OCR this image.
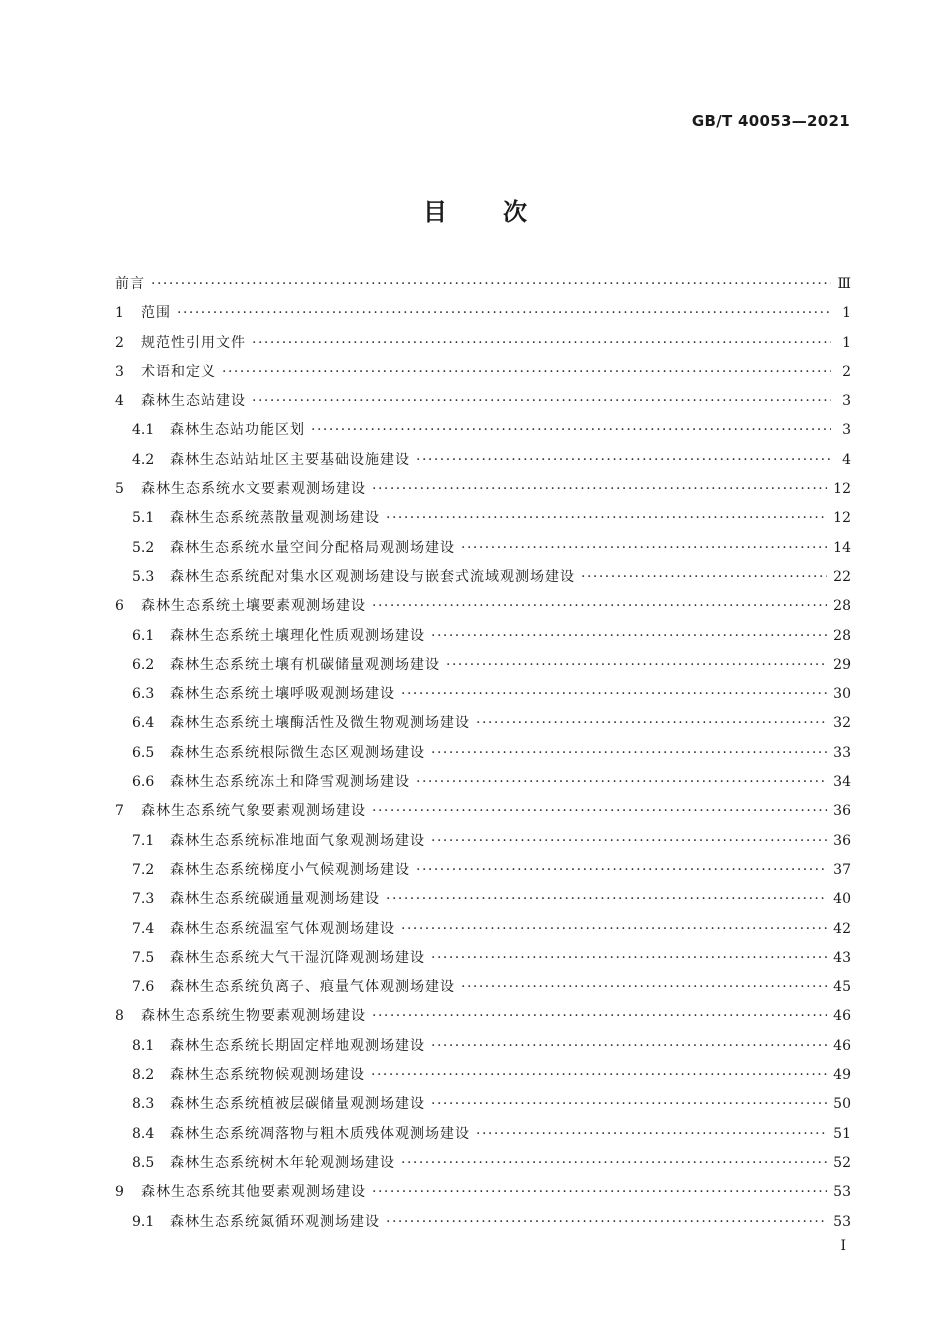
GB/T 40053—2021
目次
前言 ·····	Ⅲ
1	范围 ·····	1
2	规范性引用文件 ·····	1
3	术语和定义 ·····	2
4	森林生态站建设 ·····	3
4.1	森林生态站功能区划 ·····	3
4.2	森林生态站站址区主要基础设施建设 ·····	4
5	森林生态系统水文要素观测场建设 ·····	12
5.1	森林生态系统蒸散量观测场建设 ·····	12
5.2	森林生态系统水量空间分配格局观测场建设 ·····	14
5.3	森林生态系统配对集水区观测场建设与嵌套式流域观测场建设 ·····	22
6	森林生态系统土壤要素观测场建设 ·····	28
6.1	森林生态系统土壤理化性质观测场建设 ·····	28
6.2	森林生态系统土壤有机碳储量观测场建设 ·····	29
6.3	森林生态系统土壤呼吸观测场建设 ·····	30
6.4	森林生态系统土壤酶活性及微生物观测场建设 ·····	32
6.5	森林生态系统根际微生态区观测场建设 ·····	33
6.6	森林生态系统冻土和降雪观测场建设 ·····	34
7	森林生态系统气象要素观测场建设 ·····	36
7.1	森林生态系统标准地面气象观测场建设 ·····	36
7.2	森林生态系统梯度小气候观测场建设 ·····	37
7.3	森林生态系统碳通量观测场建设 ·····	40
7.4	森林生态系统温室气体观测场建设 ·····	42
7.5	森林生态系统大气干湿沉降观测场建设 ·····	43
7.6	森林生态系统负离子、痕量气体观测场建设 ·····	45
8	森林生态系统生物要素观测场建设 ·····	46
8.1	森林生态系统长期固定样地观测场建设 ·····	46
8.2	森林生态系统物候观测场建设 ·····	49
8.3	森林生态系统植被层碳储量观测场建设 ·····	50
8.4	森林生态系统凋落物与粗木质残体观测场建设 ·····	51
8.5	森林生态系统树木年轮观测场建设 ·····	52
9	森林生态系统其他要素观测场建设 ·····	53
9.1	森林生态系统氮循环观测场建设 ·····	53
I
